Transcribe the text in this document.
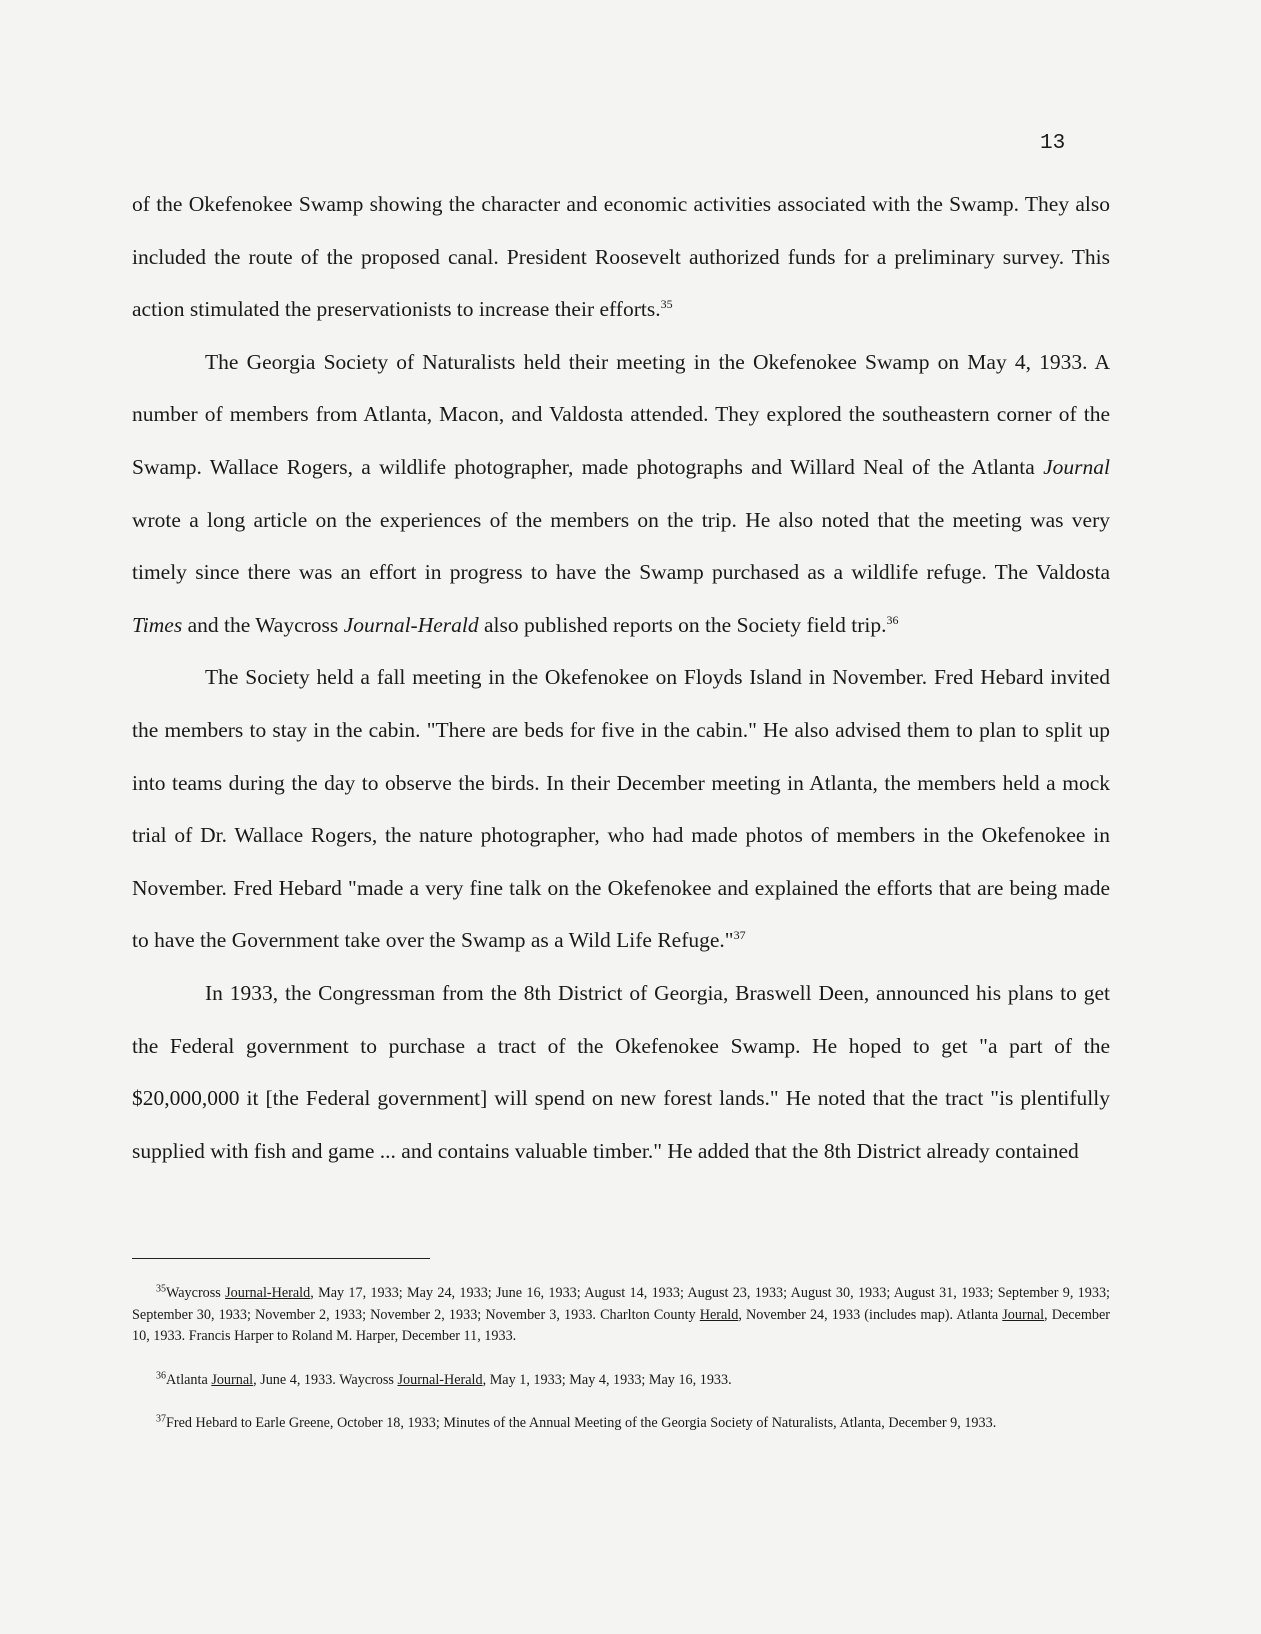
13

of the Okefenokee Swamp showing the character and economic activities associated with the Swamp. They also included the route of the proposed canal. President Roosevelt authorized funds for a preliminary survey. This action stimulated the preservationists to increase their efforts.$^{35}$

The Georgia Society of Naturalists held their meeting in the Okefenokee Swamp on May 4, 1933. A number of members from Atlanta, Macon, and Valdosta attended. They explored the southeastern corner of the Swamp. Wallace Rogers, a wildlife photographer, made photographs and Willard Neal of the Atlanta Journal wrote a long article on the experiences of the members on the trip. He also noted that the meeting was very timely since there was an effort in progress to have the Swamp purchased as a wildlife refuge. The Valdosta Times and the Waycross Journal-Herald also published reports on the Society field trip.$^{36}$

The Society held a fall meeting in the Okefenokee on Floyds Island in November. Fred Hebard invited the members to stay in the cabin. "There are beds for five in the cabin." He also advised them to plan to split up into teams during the day to observe the birds. In their December meeting in Atlanta, the members held a mock trial of Dr. Wallace Rogers, the nature photographer, who had made photos of members in the Okefenokee in November. Fred Hebard "made a very fine talk on the Okefenokee and explained the efforts that are being made to have the Government take over the Swamp as a Wild Life Refuge."$^{37}$

In 1933, the Congressman from the 8th District of Georgia, Braswell Deen, announced his plans to get the Federal government to purchase a tract of the Okefenokee Swamp. He hoped to get "a part of the $20,000,000 it [the Federal government] will spend on new forest lands." He noted that the tract "is plentifully supplied with fish and game ... and contains valuable timber." He added that the 8th District already contained

$^{35}$Waycross Journal-Herald, May 17, 1933; May 24, 1933; June 16, 1933; August 14, 1933; August 23, 1933; August 30, 1933; August 31, 1933; September 9, 1933; September 30, 1933; November 2, 1933; November 2, 1933; November 3, 1933. Charlton County Herald, November 24, 1933 (includes map). Atlanta Journal, December 10, 1933. Francis Harper to Roland M. Harper, December 11, 1933.

$^{36}$Atlanta Journal, June 4, 1933. Waycross Journal-Herald, May 1, 1933; May 4, 1933; May 16, 1933.

$^{37}$Fred Hebard to Earle Greene, October 18, 1933; Minutes of the Annual Meeting of the Georgia Society of Naturalists, Atlanta, December 9, 1933.
